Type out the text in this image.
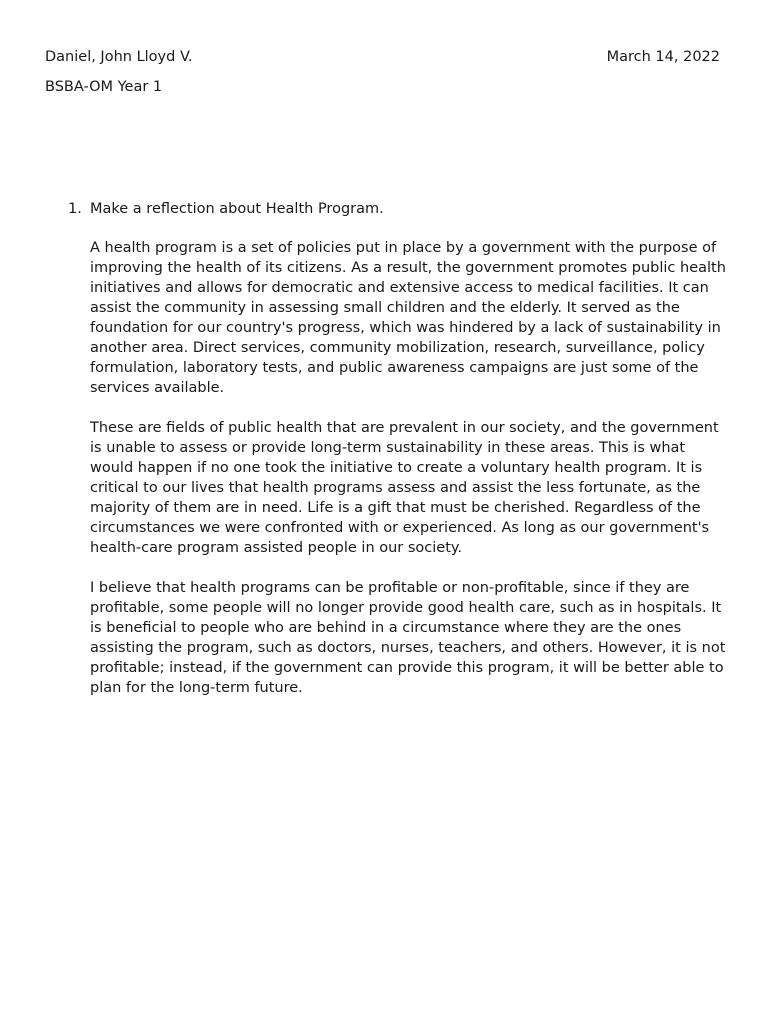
Daniel, John Lloyd V.	March 14, 2022
BSBA-OM Year 1
1. Make a reflection about Health Program.

A health program is a set of policies put in place by a government with the purpose of improving the health of its citizens. As a result, the government promotes public health initiatives and allows for democratic and extensive access to medical facilities. It can assist the community in assessing small children and the elderly. It served as the foundation for our country's progress, which was hindered by a lack of sustainability in another area. Direct services, community mobilization, research, surveillance, policy formulation, laboratory tests, and public awareness campaigns are just some of the services available.

These are fields of public health that are prevalent in our society, and the government is unable to assess or provide long-term sustainability in these areas. This is what would happen if no one took the initiative to create a voluntary health program. It is critical to our lives that health programs assess and assist the less fortunate, as the majority of them are in need. Life is a gift that must be cherished. Regardless of the circumstances we were confronted with or experienced. As long as our government's health-care program assisted people in our society.

I believe that health programs can be profitable or non-profitable, since if they are profitable, some people will no longer provide good health care, such as in hospitals. It is beneficial to people who are behind in a circumstance where they are the ones assisting the program, such as doctors, nurses, teachers, and others. However, it is not profitable; instead, if the government can provide this program, it will be better able to plan for the long-term future.
